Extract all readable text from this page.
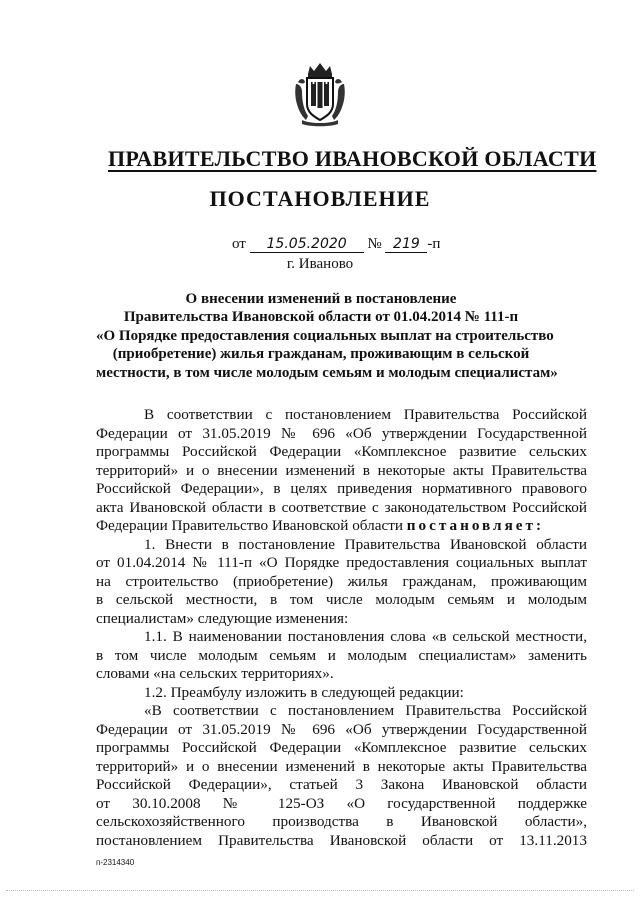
ПРАВИТЕЛЬСТВО ИВАНОВСКОЙ ОБЛАСТИ
ПОСТАНОВЛЕНИЕ
от 15.05.2020 № 219 -п
г. Иваново
О внесении изменений в постановление
Правительства Ивановской области от 01.04.2014 № 111-п
«О Порядке предоставления социальных выплат на строительство
(приобретение) жилья гражданам, проживающим в сельской
местности, в том числе молодым семьям и молодым специалистам»
В соответствии с постановлением Правительства Российской
Федерации от 31.05.2019 № 696 «Об утверждении Государственной
программы Российской Федерации «Комплексное развитие сельских
территорий» и о внесении изменений в некоторые акты Правительства
Российской Федерации», в целях приведения нормативного правового
акта Ивановской области в соответствие с законодательством Российской
Федерации Правительство Ивановской области постановляет:
1. Внести в постановление Правительства Ивановской области
от 01.04.2014 № 111-п «О Порядке предоставления социальных выплат
на строительство (приобретение) жилья гражданам, проживающим
в сельской местности, в том числе молодым семьям и молодым
специалистам» следующие изменения:
1.1. В наименовании постановления слова «в сельской местности,
в том числе молодым семьям и молодым специалистам» заменить
словами «на сельских территориях».
1.2. Преамбулу изложить в следующей редакции:
«В соответствии с постановлением Правительства Российской
Федерации от 31.05.2019 № 696 «Об утверждении Государственной
программы Российской Федерации «Комплексное развитие сельских
территорий» и о внесении изменений в некоторые акты Правительства
Российской Федерации», статьей 3 Закона Ивановской области
от 30.10.2008 № 125-ОЗ «О государственной поддержке
сельскохозяйственного производства в Ивановской области»,
постановлением Правительства Ивановской области от 13.11.2013
п-2314340
